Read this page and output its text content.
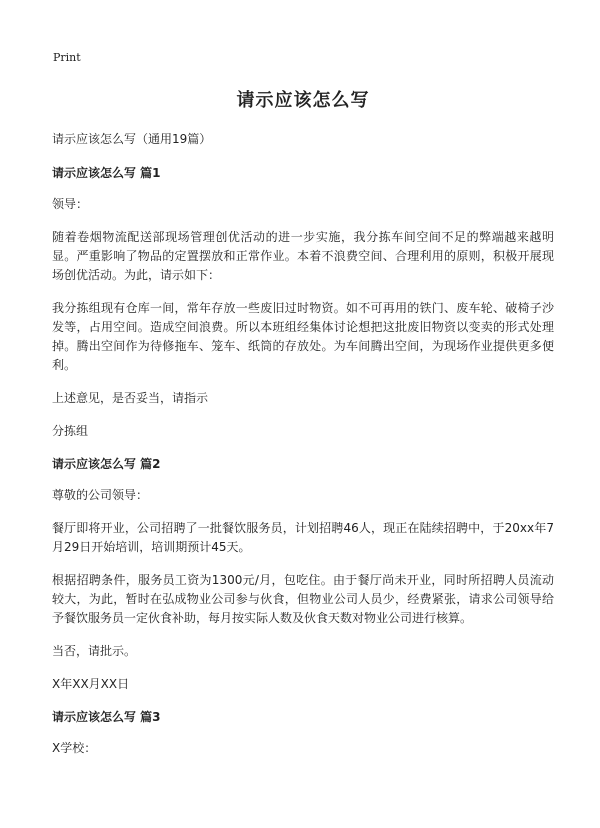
Print
请示应该怎么写

请示应该怎么写（通用19篇）

请示应该怎么写 篇1

领导：

随着卷烟物流配送部现场管理创优活动的进一步实施，我分拣车间空间不足的弊端越来越明显。严重影响了物品的定置摆放和正常作业。本着不浪费空间、合理利用的原则，积极开展现场创优活动。为此，请示如下：

我分拣组现有仓库一间，常年存放一些废旧过时物资。如不可再用的铁门、废车轮、破椅子沙发等，占用空间。造成空间浪费。所以本班组经集体讨论想把这批废旧物资以变卖的形式处理掉。腾出空间作为待修拖车、笼车、纸筒的存放处。为车间腾出空间，为现场作业提供更多便利。

上述意见，是否妥当，请指示

分拣组

请示应该怎么写 篇2

尊敬的公司领导：

餐厅即将开业，公司招聘了一批餐饮服务员，计划招聘46人，现正在陆续招聘中，于20xx年7月29日开始培训，培训期预计45天。

根据招聘条件，服务员工资为1300元/月，包吃住。由于餐厅尚未开业，同时所招聘人员流动较大，为此，暂时在弘成物业公司参与伙食，但物业公司人员少，经费紧张，请求公司领导给予餐饮服务员一定伙食补助，每月按实际人数及伙食天数对物业公司进行核算。

当否，请批示。

X年XX月XX日

请示应该怎么写 篇3

X学校：
